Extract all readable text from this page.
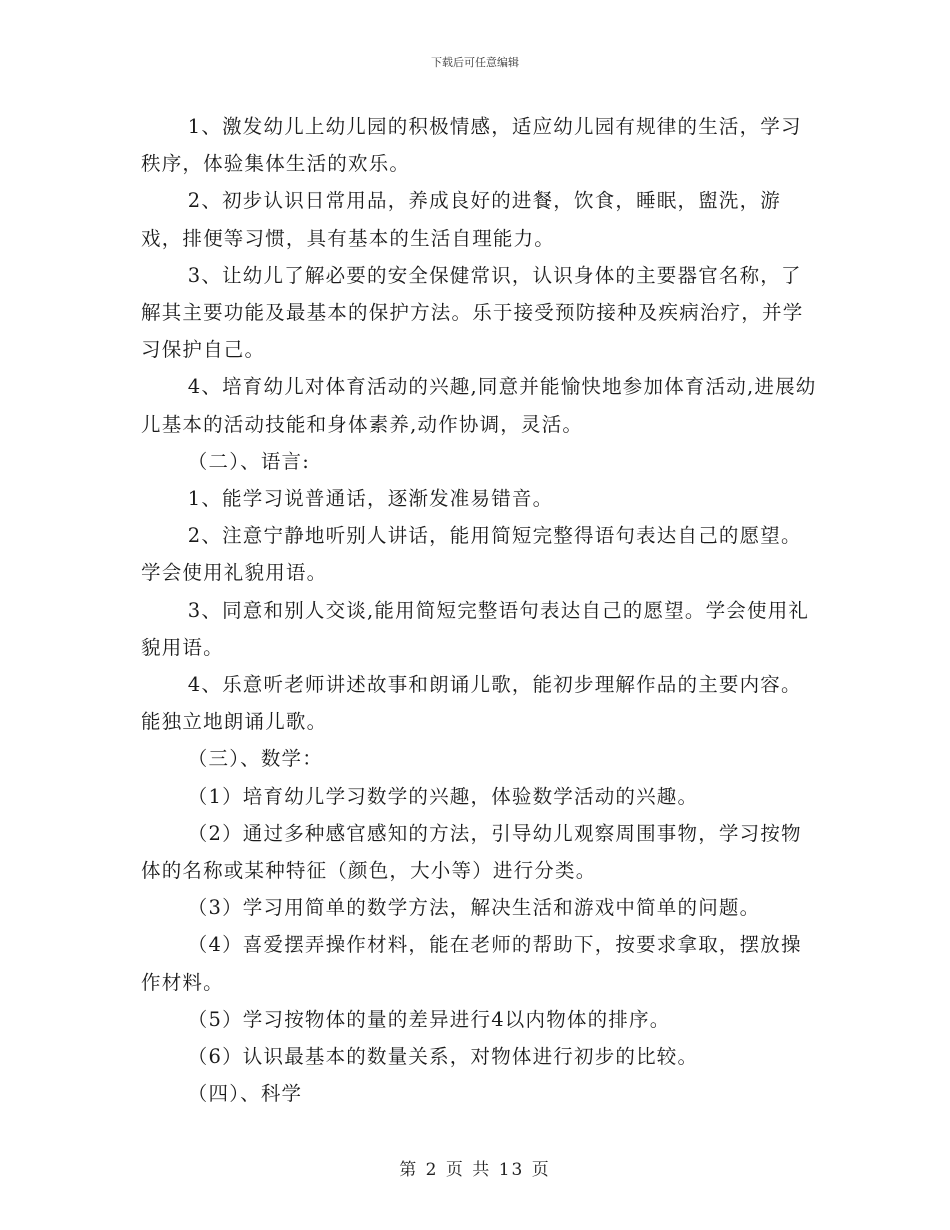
下载后可任意编辑

1、激发幼儿上幼儿园的积极情感，适应幼儿园有规律的生活，学习秩序，体验集体生活的欢乐。

2、初步认识日常用品，养成良好的进餐，饮食，睡眠，盥洗，游戏，排便等习惯，具有基本的生活自理能力。

3、让幼儿了解必要的安全保健常识，认识身体的主要器官名称，了解其主要功能及最基本的保护方法。乐于接受预防接种及疾病治疗，并学习保护自己。

4、培育幼儿对体育活动的兴趣,同意并能愉快地参加体育活动,进展幼儿基本的活动技能和身体素养,动作协调，灵活。

（二）、语言:

1、能学习说普通话，逐渐发准易错音。

2、注意宁静地听别人讲话，能用简短完整得语句表达自己的愿望。学会使用礼貌用语。

3、同意和别人交谈,能用简短完整语句表达自己的愿望。学会使用礼貌用语。

4、乐意听老师讲述故事和朗诵儿歌，能初步理解作品的主要内容。能独立地朗诵儿歌。

（三）、数学：

（1）培育幼儿学习数学的兴趣，体验数学活动的兴趣。

（2）通过多种感官感知的方法，引导幼儿观察周围事物，学习按物体的名称或某种特征（颜色，大小等）进行分类。

（3）学习用简单的数学方法，解决生活和游戏中简单的问题。

（4）喜爱摆弄操作材料，能在老师的帮助下，按要求拿取，摆放操作材料。

（5）学习按物体的量的差异进行4以内物体的排序。

（6）认识最基本的数量关系，对物体进行初步的比较。

（四）、科学

第 2 页 共 13 页
